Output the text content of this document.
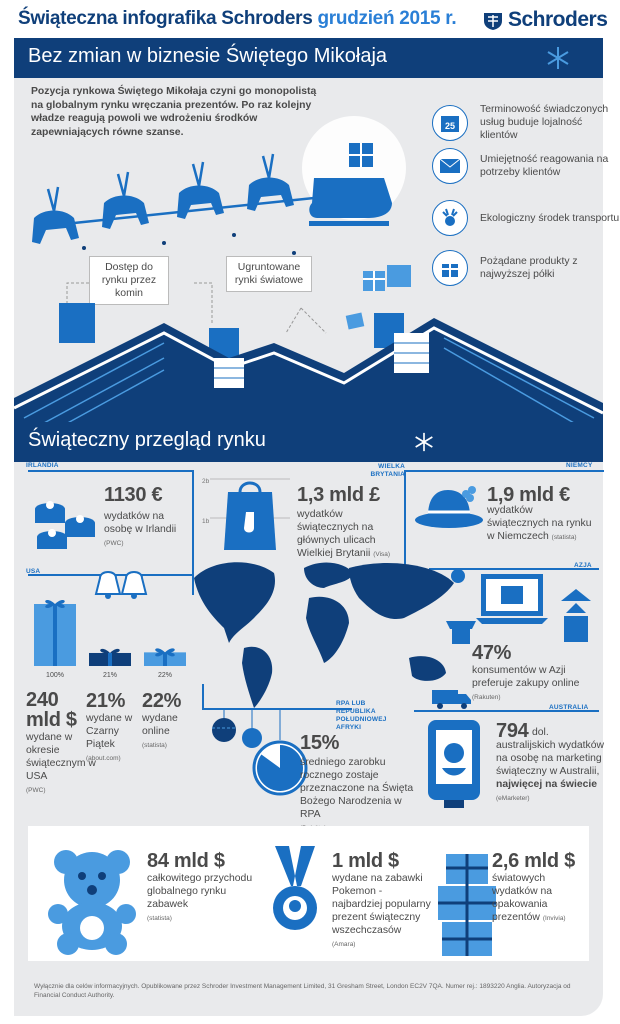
Świąteczna infografika Schroders grudzień 2015 r. Schroders
Bez zmian w biznesie Świętego Mikołaja
Pozycja rynkowa Świętego Mikołaja czyni go monopolistą na globalnym rynku wręczania prezentów. Po raz kolejny władze reagują powoli we wdrożeniu środków zapewniających równe szanse.
25
Terminowość świadczonych usług buduje lojalność klientów
Umiejętność reagowania na potrzeby klientów
Ekologiczny środek transportu
Pożądane produkty z najwyższej półki
Dostęp do rynku przez komin
Ugruntowane rynki światowe
Świąteczny przegląd rynku
IRLANDIA	WIELKA BRYTANIA
NIEMCY
USA
AZJA
RPA LUB REPUBLIKA POŁUDNIOWEJ AFRYKI
AUSTRALIA
1130 €
wydatków na osobę w Irlandii (PWC)
2b
1b
1,3 mld £
wydatków świątecznych na głównych ulicach Wielkiej Brytanii (Visa)
1,9 mld €
wydatków świątecznych na rynku w Niemczech (statista)
100%	21%	22%
240 mld $
wydane w okresie świątecznym w USA
(PWC)
21%
wydane w Czarny Piątek
(about.com)
22%
wydane online
(statista)
47%
konsumentów w Azji preferuje zakupy online (Rakuten)
15%
średniego zarobku rocznego zostaje przeznaczone na Święta Bożego Narodzenia w RPA

794 dol. australijskich wydatków na osobę na marketing świąteczny w Australii, najwięcej na świecie (eMarketer)
84 mld $
całkowitego przychodu globalnego rynku zabawek
(statista)
1 mld $
wydane na zabawki Pokemon - najbardziej popularny prezent świąteczny wszechczasów
(Amara)
2,6 mld $
światowych wydatków na opakowania prezentów (Invivia)
Wyłącznie dla celów informacyjnych. Opublikowane przez Schroder Investment Management Limited, 31 Gresham Street, London EC2V 7QA. Numer rej.: 1893220 Anglia. Autoryzacja od Financial Conduct Authority.
